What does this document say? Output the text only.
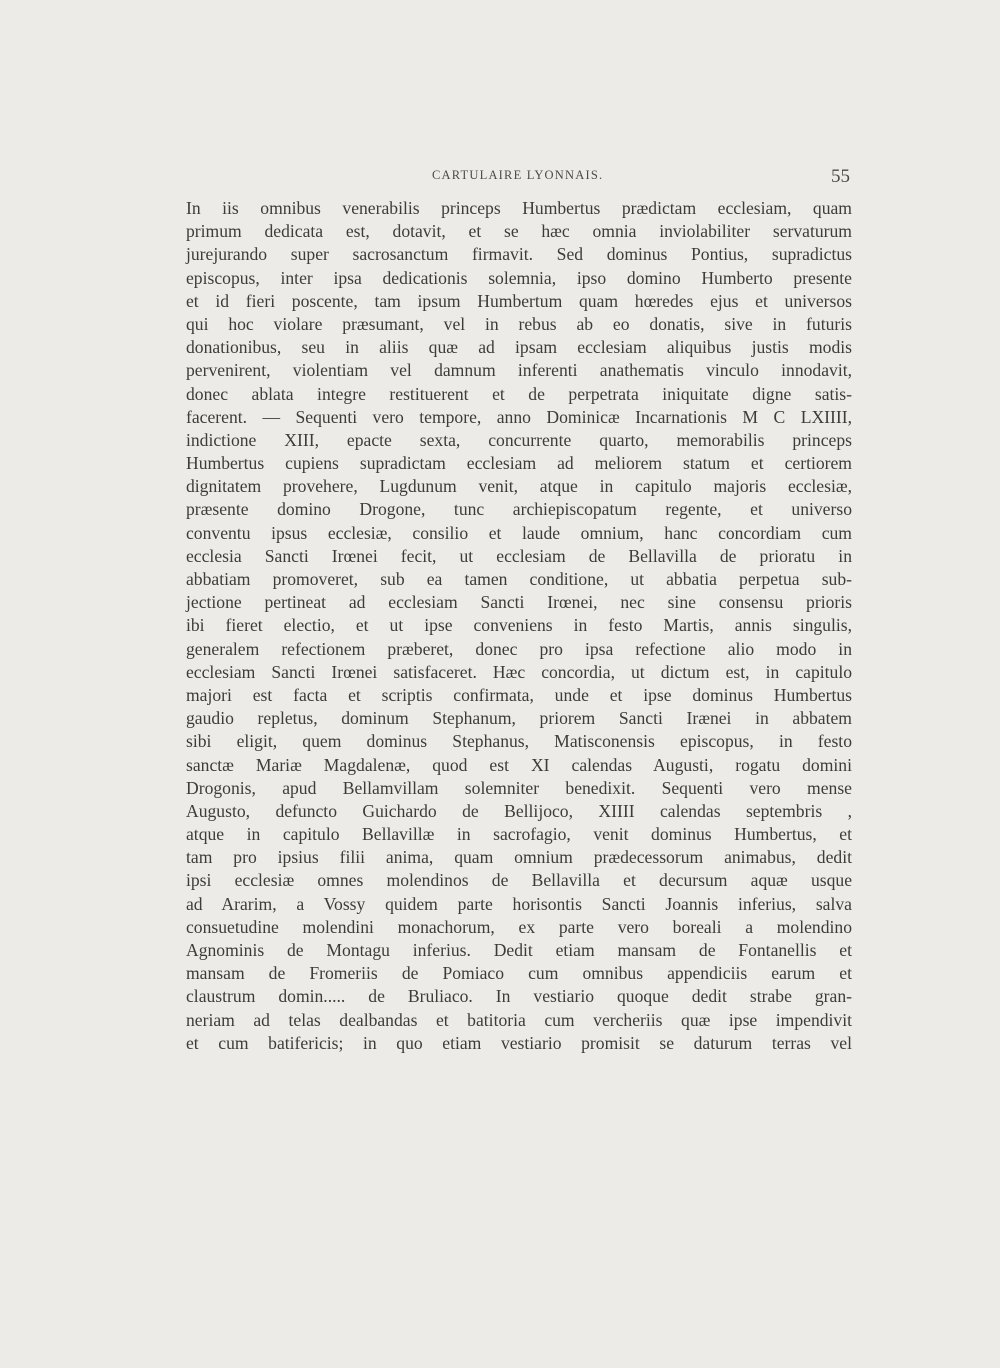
CARTULAIRE LYONNAIS.	55
In iis omnibus venerabilis princeps Humbertus prædictam ecclesiam, quam
primum dedicata est, dotavit, et se hæc omnia inviolabiliter servaturum
jurejurando super sacrosanctum firmavit. Sed dominus Pontius, supradictus
episcopus, inter ipsa dedicationis solemnia, ipso domino Humberto presente
et id fieri poscente, tam ipsum Humbertum quam hœredes ejus et universos
qui hoc violare præsumant, vel in rebus ab eo donatis, sive in futuris
donationibus, seu in aliis quæ ad ipsam ecclesiam aliquibus justis modis
pervenirent, violentiam vel damnum inferenti anathematis vinculo innodavit,
donec ablata integre restituerent et de perpetrata iniquitate digne satis-
facerent. — Sequenti vero tempore, anno Dominicæ Incarnationis M C LXIIII,
indictione XIII, epacte sexta, concurrente quarto, memorabilis princeps
Humbertus cupiens supradictam ecclesiam ad meliorem statum et certiorem
dignitatem provehere, Lugdunum venit, atque in capitulo majoris ecclesiæ,
præsente domino Drogone, tunc archiepiscopatum regente, et universo
conventu ipsus ecclesiæ, consilio et laude omnium, hanc concordiam cum
ecclesia Sancti Irœnei fecit, ut ecclesiam de Bellavilla de prioratu in
abbatiam promoveret, sub ea tamen conditione, ut abbatia perpetua sub-
jectione pertineat ad ecclesiam Sancti Irœnei, nec sine consensu prioris
ibi fieret electio, et ut ipse conveniens in festo Martis, annis singulis,
generalem refectionem præberet, donec pro ipsa refectione alio modo in
ecclesiam Sancti Irœnei satisfaceret. Hæc concordia, ut dictum est, in capitulo
majori est facta et scriptis confirmata, unde et ipse dominus Humbertus
gaudio repletus, dominum Stephanum, priorem Sancti Irænei in abbatem
sibi eligit, quem dominus Stephanus, Matisconensis episcopus, in festo
sanctæ Mariæ Magdalenæ, quod est XI calendas Augusti, rogatu domini
Drogonis, apud Bellamvillam solemniter benedixit. Sequenti vero mense
Augusto, defuncto Guichardo de Bellijoco, XIIII calendas septembris ,
atque in capitulo Bellavillæ in sacrofagio, venit dominus Humbertus, et
tam pro ipsius filii anima, quam omnium prædecessorum animabus, dedit
ipsi ecclesiæ omnes molendinos de Bellavilla et decursum aquæ usque
ad Ararim, a Vossy quidem parte horisontis Sancti Joannis inferius, salva
consuetudine molendini monachorum, ex parte vero boreali a molendino
Agnominis de Montagu inferius. Dedit etiam mansam de Fontanellis et
mansam de Fromeriis de Pomiaco cum omnibus appendiciis earum et
claustrum domin..... de Bruliaco. In vestiario quoque dedit strabe gran-
neriam ad telas dealbandas et batitoria cum vercheriis quæ ipse impendivit
et cum batifericis; in quo etiam vestiario promisit se daturum terras vel
